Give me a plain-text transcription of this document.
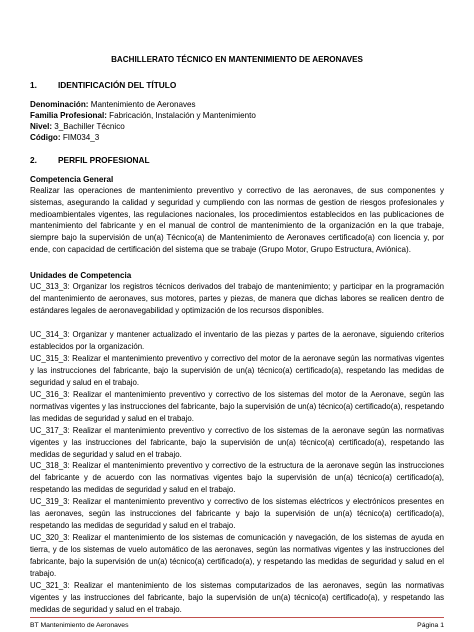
BACHILLERATO TÉCNICO EN MANTENIMIENTO DE AERONAVES
1.	IDENTIFICACIÓN DEL TÍTULO
Denominación: Mantenimiento de Aeronaves
Familia Profesional: Fabricación, Instalación y Mantenimiento
Nivel: 3_Bachiller Técnico
Código: FIM034_3
2.	PERFIL PROFESIONAL
Competencia General

Realizar las operaciones de mantenimiento preventivo y correctivo de las aeronaves, de sus componentes y sistemas, asegurando la calidad y seguridad y cumpliendo con las normas de gestion de riesgos profesionales y medioambientales vigentes, las regulaciones nacionales, los procedimientos establecidos en las publicaciones de mantenimiento del fabricante y en el manual de control de mantenimiento de la organización en la que trabaje, siempre bajo la supervisión de un(a) Técnico(a) de Mantenimiento de Aeronaves certificado(a) con licencia y, por ende, con capacidad de certificación del sistema que se trabaje (Grupo Motor, Grupo Estructura, Aviónica).

Unidades de Competencia

UC_313_3: Organizar los registros técnicos derivados del trabajo de mantenimiento; y participar en la programación del mantenimiento de aeronaves, sus motores, partes y piezas, de manera que dichas labores se realicen dentro de estándares legales de aeronavegabilidad y optimización de los recursos disponibles.

UC_314_3: Organizar y mantener actualizado el inventario de las piezas y partes de la aeronave, siguiendo criterios establecidos por la organización.

UC_315_3: Realizar el mantenimiento preventivo y correctivo del motor de la aeronave según las normativas vigentes y las instrucciones del fabricante, bajo la supervisión de un(a) técnico(a) certificado(a), respetando las medidas de seguridad y salud en el trabajo.

UC_316_3: Realizar el mantenimiento preventivo y correctivo de los sistemas del motor de la Aeronave, según las normativas vigentes y las instrucciones del fabricante, bajo la supervisión de un(a) técnico(a) certificado(a), respetando las medidas de seguridad y salud en el trabajo.

UC_317_3: Realizar el mantenimiento preventivo y correctivo de los sistemas de la aeronave según las normativas vigentes y las instrucciones del fabricante, bajo la supervisión de un(a) técnico(a) certificado(a), respetando las medidas de seguridad y salud en el trabajo.

UC_318_3: Realizar el mantenimiento preventivo y correctivo de la estructura de la aeronave según las instrucciones del fabricante y de acuerdo con las normativas vigentes bajo la supervisión de un(a) técnico(a) certificado(a), respetando las medidas de seguridad y salud en el trabajo.

UC_319_3: Realizar el mantenimiento preventivo y correctivo de los sistemas eléctricos y electrónicos presentes en las aeronaves, según las instrucciones del fabricante y bajo la supervisión de un(a) técnico(a) certificado(a), respetando las medidas de seguridad y salud en el trabajo.

UC_320_3: Realizar el mantenimiento de los sistemas de comunicación y navegación, de los sistemas de ayuda en tierra, y de los sistemas de vuelo automático de las aeronaves, según las normativas vigentes y las instrucciones del fabricante, bajo la supervisión de un(a) técnico(a) certificado(a), y respetando las medidas de seguridad y salud en el trabajo.

UC_321_3: Realizar el mantenimiento de los sistemas computarizados de las aeronaves, según las normativas vigentes y las instrucciones del fabricante, bajo la supervisión de un(a) técnico(a) certificado(a), y respetando las medidas de seguridad y salud en el trabajo.

BT Mantenimiento de Aeronaves	Página 1
